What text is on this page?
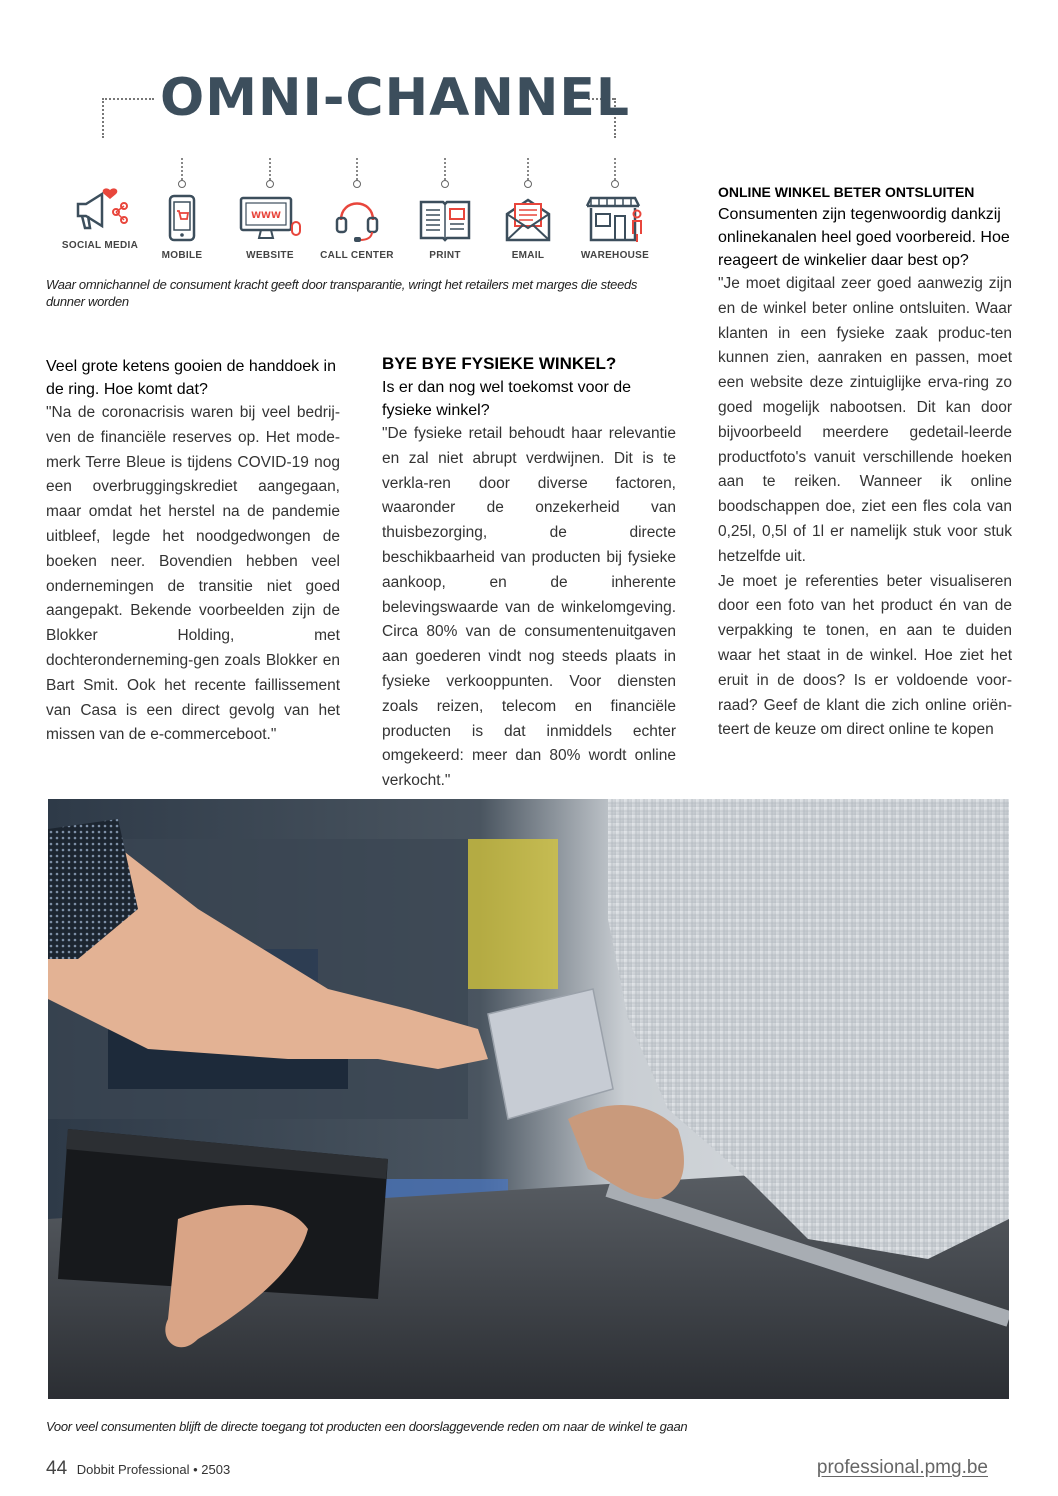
OMNI-CHANNEL
SOCIAL MEDIA
MOBILE
WWW
WEBSITE	CALL CENTER	PRINT	EMAIL	WAREHOUSE
Waar omnichannel de consument kracht geeft door transparantie, wringt het retailers met marges die steeds dunner worden
Veel grote ketens gooien de handdoek in de ring. Hoe komt dat?

"Na de coronacrisis waren bij veel bedrij-ven de financiële reserves op. Het mode-merk Terre Bleue is tijdens COVID-19 nog een overbruggingskrediet aangegaan, maar omdat het herstel na de pandemie uitbleef, legde het noodgedwongen de boeken neer. Bovendien hebben veel ondernemingen de transitie niet goed aangepakt. Bekende voorbeelden zijn de Blokker Holding, met dochteronderneming-gen zoals Blokker en Bart Smit. Ook het recente faillissement van Casa is een direct gevolg van het missen van de e-commerceboot."

BYE BYE FYSIEKE WINKEL?
Is er dan nog wel toekomst voor de fysieke winkel?

"De fysieke retail behoudt haar relevantie en zal niet abrupt verdwijnen. Dit is te verkla-ren door diverse factoren, waaronder de onzekerheid van thuisbezorging, de directe beschikbaarheid van producten bij fysieke aankoop, en de inherente belevingswaarde van de winkelomgeving. Circa 80% van de consumentenuitgaven aan goederen vindt nog steeds plaats in fysieke verkooppunten. Voor diensten zoals reizen, telecom en financiële producten is dat inmiddels echter omgekeerd: meer dan 80% wordt online verkocht."

ONLINE WINKEL BETER ONTSLUITEN
Consumenten zijn tegenwoordig dankzij onlinekanalen heel goed voorbereid. Hoe reageert de winkelier daar best op?

"Je moet digitaal zeer goed aanwezig zijn en de winkel beter online ontsluiten. Waar klanten in een fysieke zaak produc-ten kunnen zien, aanraken en passen, moet een website deze zintuiglijke erva-ring zo goed mogelijk nabootsen. Dit kan door bijvoorbeeld meerdere gedetail-leerde productfoto's vanuit verschillende hoeken aan te reiken. Wanneer ik online boodschappen doe, ziet een fles cola van 0,25l, 0,5l of 1l er namelijk stuk voor stuk hetzelfde uit.

Je moet je referenties beter visualiseren door een foto van het product én van de verpakking te tonen, en aan te duiden waar het staat in de winkel. Hoe ziet het eruit in de doos? Is er voldoende voor-raad? Geef de klant die zich online oriën-teert de keuze om direct online te kopen

Voor veel consumenten blijft de directe toegang tot producten een doorslaggevende reden om naar de winkel te gaan
44 Dobbit Professional • 2503	professional.pmg.be
